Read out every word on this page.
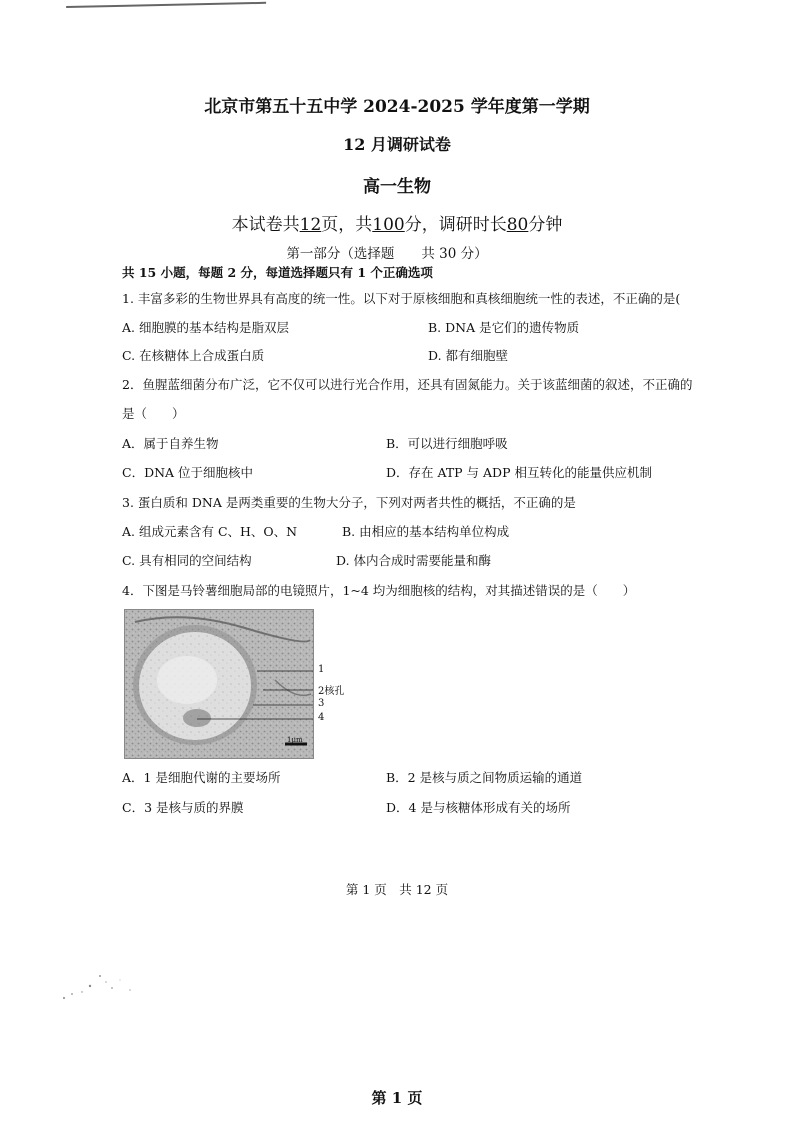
北京市第五十五中学 2024-2025 学年度第一学期
12 月调研试卷
高一生物
本试卷共12页，共100分，调研时长80分钟
第一部分（选择题　　共 30 分）
共 15 小题，每题 2 分，每道选择题只有 1 个正确选项
1. 丰富多彩的生物世界具有高度的统一性。以下对于原核细胞和真核细胞统一性的表述，不正确的是(
A. 细胞膜的基本结构是脂双层	B. DNA 是它们的遗传物质
C. 在核糖体上合成蛋白质	D. 都有细胞壁
2．鱼腥蓝细菌分布广泛，它不仅可以进行光合作用，还具有固氮能力。关于该蓝细菌的叙述，不正确的
是（　　）
A．属于自养生物	B．可以进行细胞呼吸
C．DNA 位于细胞核中	D．存在 ATP 与 ADP 相互转化的能量供应机制
3. 蛋白质和 DNA 是两类重要的生物大分子，下列对两者共性的概括，不正确的是
A. 组成元素含有 C、H、O、N	B. 由相应的基本结构单位构成
C. 具有相同的空间结构	D. 体内合成时需要能量和酶
4．下图是马铃薯细胞局部的电镜照片，1~4 均为细胞核的结构，对其描述错误的是（　　）
1
2核孔
3
4
1μm
A．1 是细胞代谢的主要场所	B．2 是核与质之间物质运输的通道
C．3 是核与质的界膜	D．4 是与核糖体形成有关的场所
第 1 页　共 12 页
第 1 页
